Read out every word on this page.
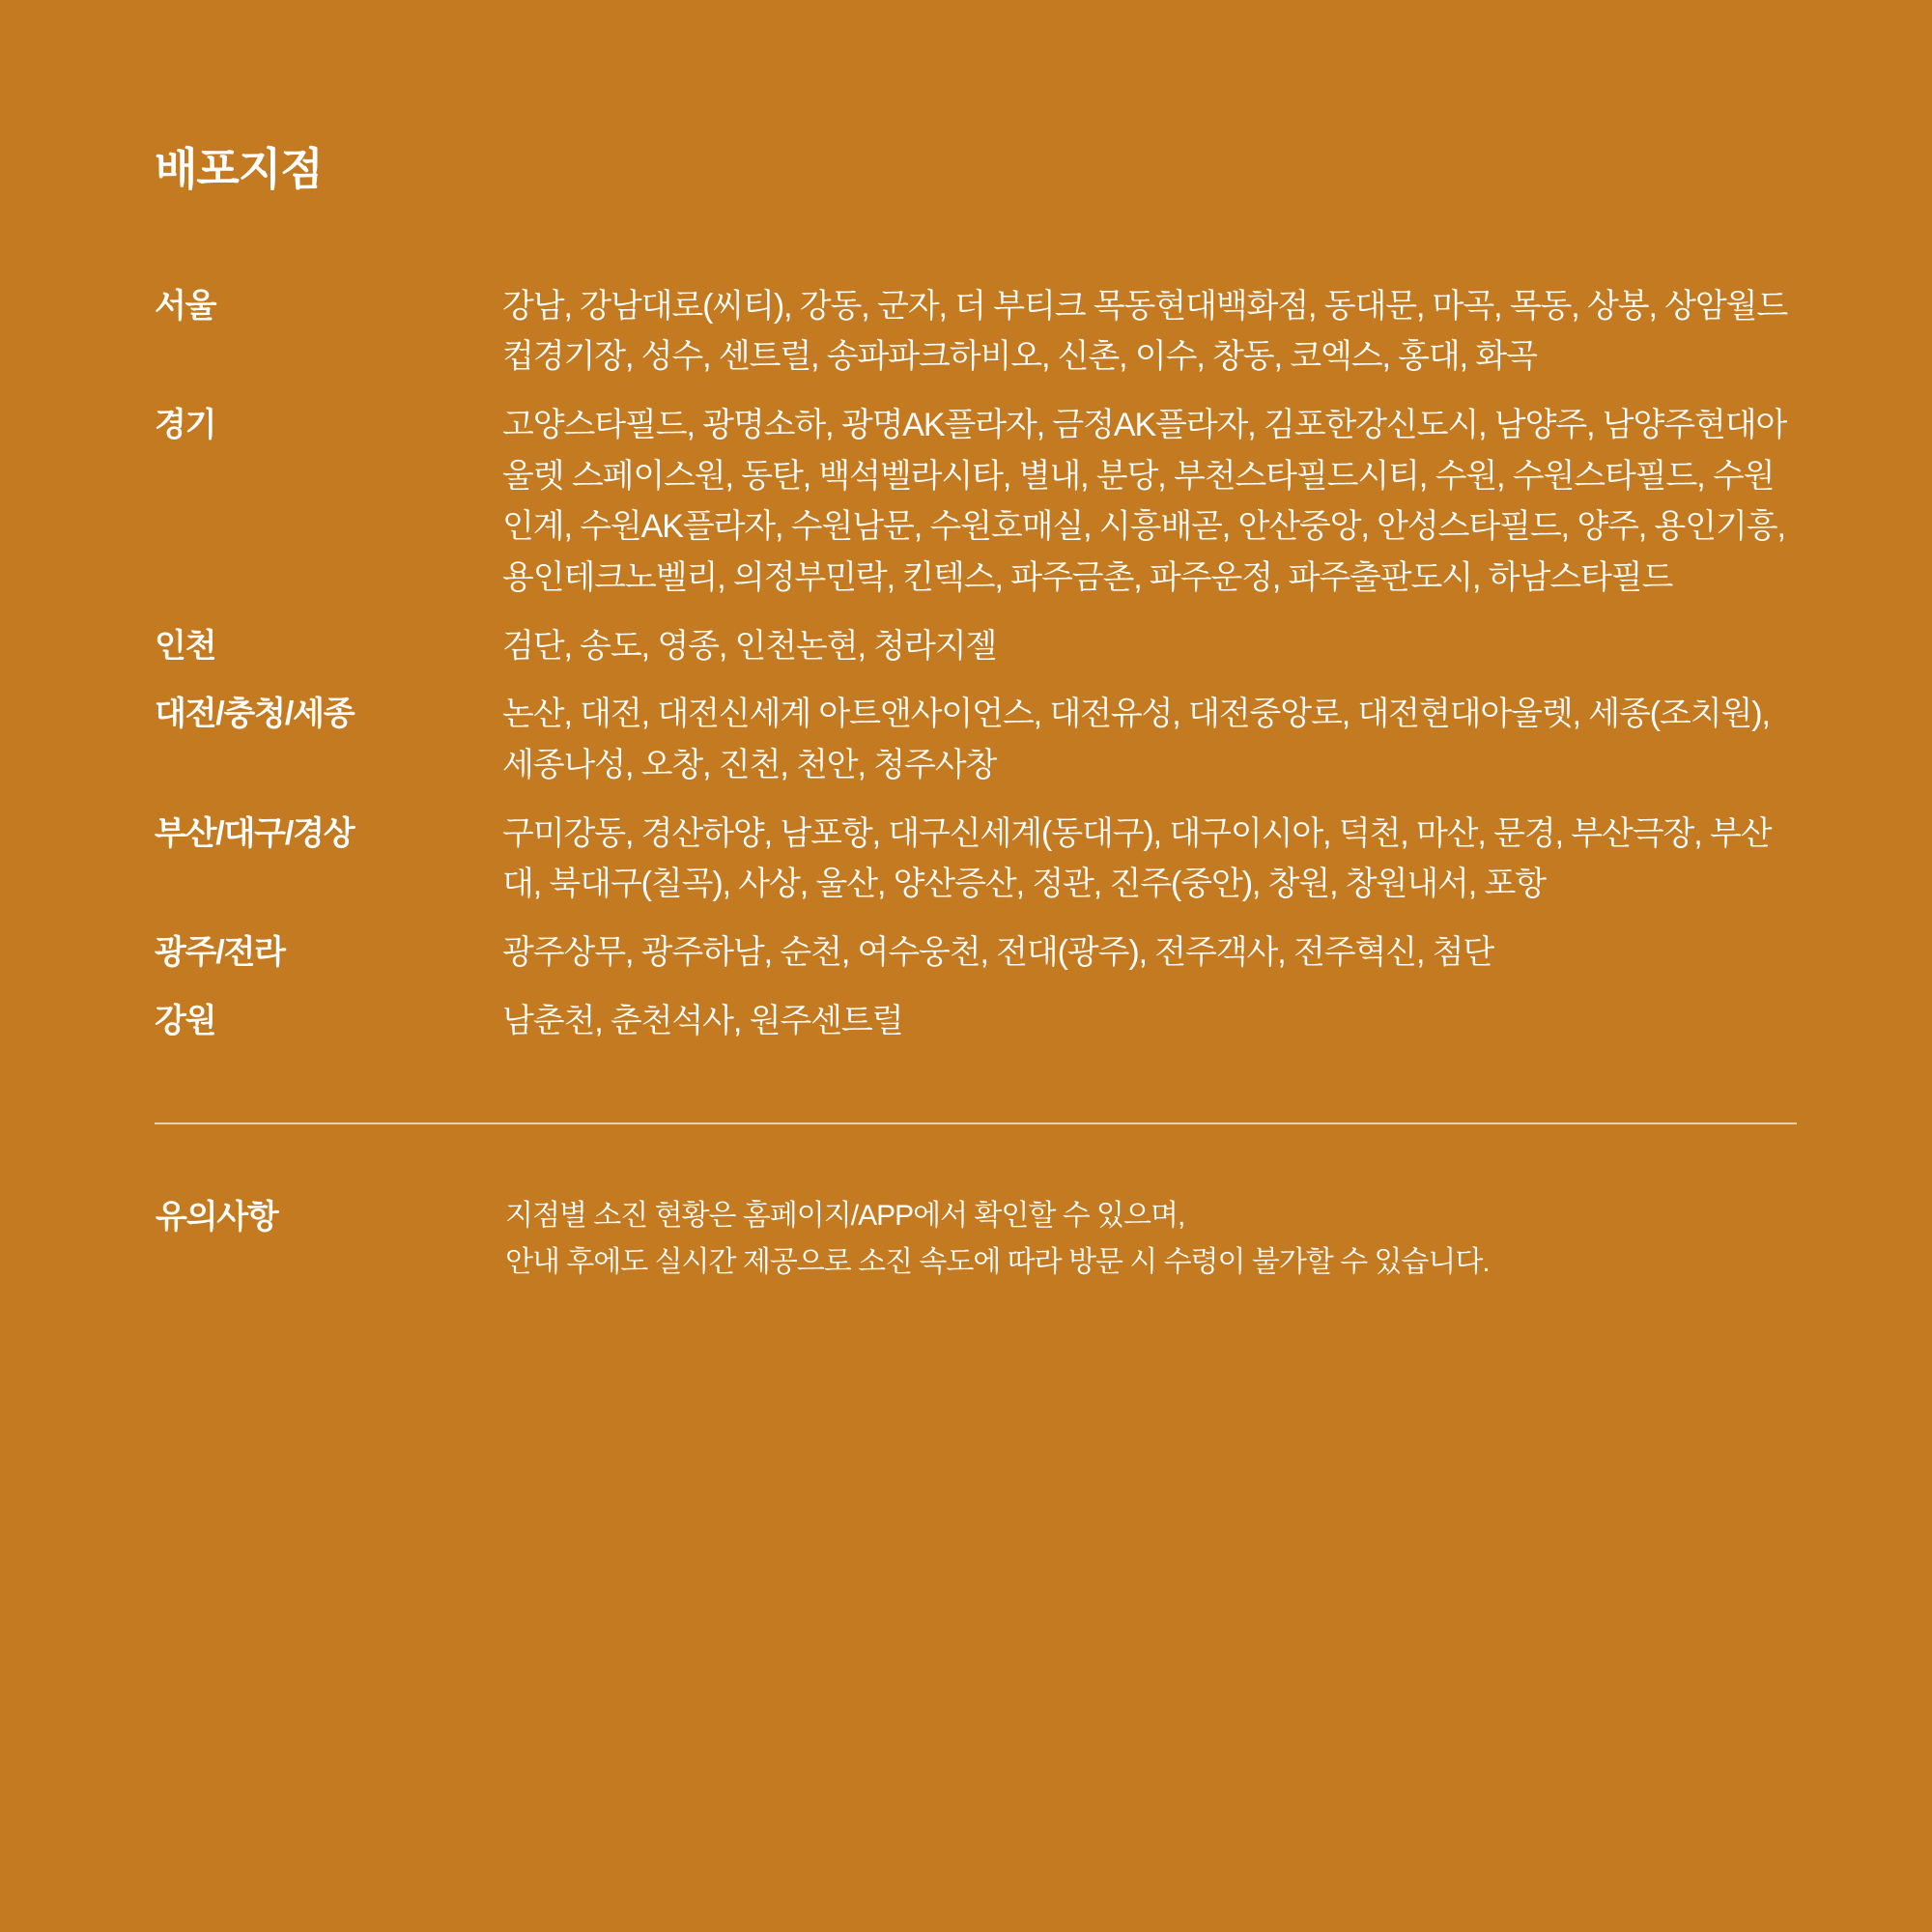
배포지점
서울	강남, 강남대로(씨티), 강동, 군자, 더 부티크 목동현대백화점, 동대문, 마곡, 목동, 상봉, 상암월드컵경기장, 성수, 센트럴, 송파파크하비오, 신촌, 이수, 창동, 코엑스, 홍대, 화곡
경기	고양스타필드, 광명소하, 광명AK플라자, 금정AK플라자, 김포한강신도시, 남양주, 남양주현대아울렛 스페이스원, 동탄, 백석벨라시타, 별내, 분당, 부천스타필드시티, 수원, 수원스타필드, 수원인계, 수원AK플라자, 수원남문, 수원호매실, 시흥배곧, 안산중앙, 안성스타필드, 양주, 용인기흥, 용인테크노벨리, 의정부민락, 킨텍스, 파주금촌, 파주운정, 파주출판도시, 하남스타필드
인천	검단, 송도, 영종, 인천논현, 청라지젤
대전/충청/세종	논산, 대전, 대전신세계 아트앤사이언스, 대전유성, 대전중앙로, 대전현대아울렛, 세종(조치원), 세종나성, 오창, 진천, 천안, 청주사창
부산/대구/경상	구미강동, 경산하양, 남포항, 대구신세계(동대구), 대구이시아, 덕천, 마산, 문경, 부산극장, 부산대, 북대구(칠곡), 사상, 울산, 양산증산, 정관, 진주(중안), 창원, 창원내서, 포항
광주/전라	광주상무, 광주하남, 순천, 여수웅천, 전대(광주), 전주객사, 전주혁신, 첨단
강원	남춘천, 춘천석사, 원주센트럴
유의사항	지점별 소진 현황은 홈페이지/APP에서 확인할 수 있으며,
안내 후에도 실시간 제공으로 소진 속도에 따라 방문 시 수령이 불가할 수 있습니다.
